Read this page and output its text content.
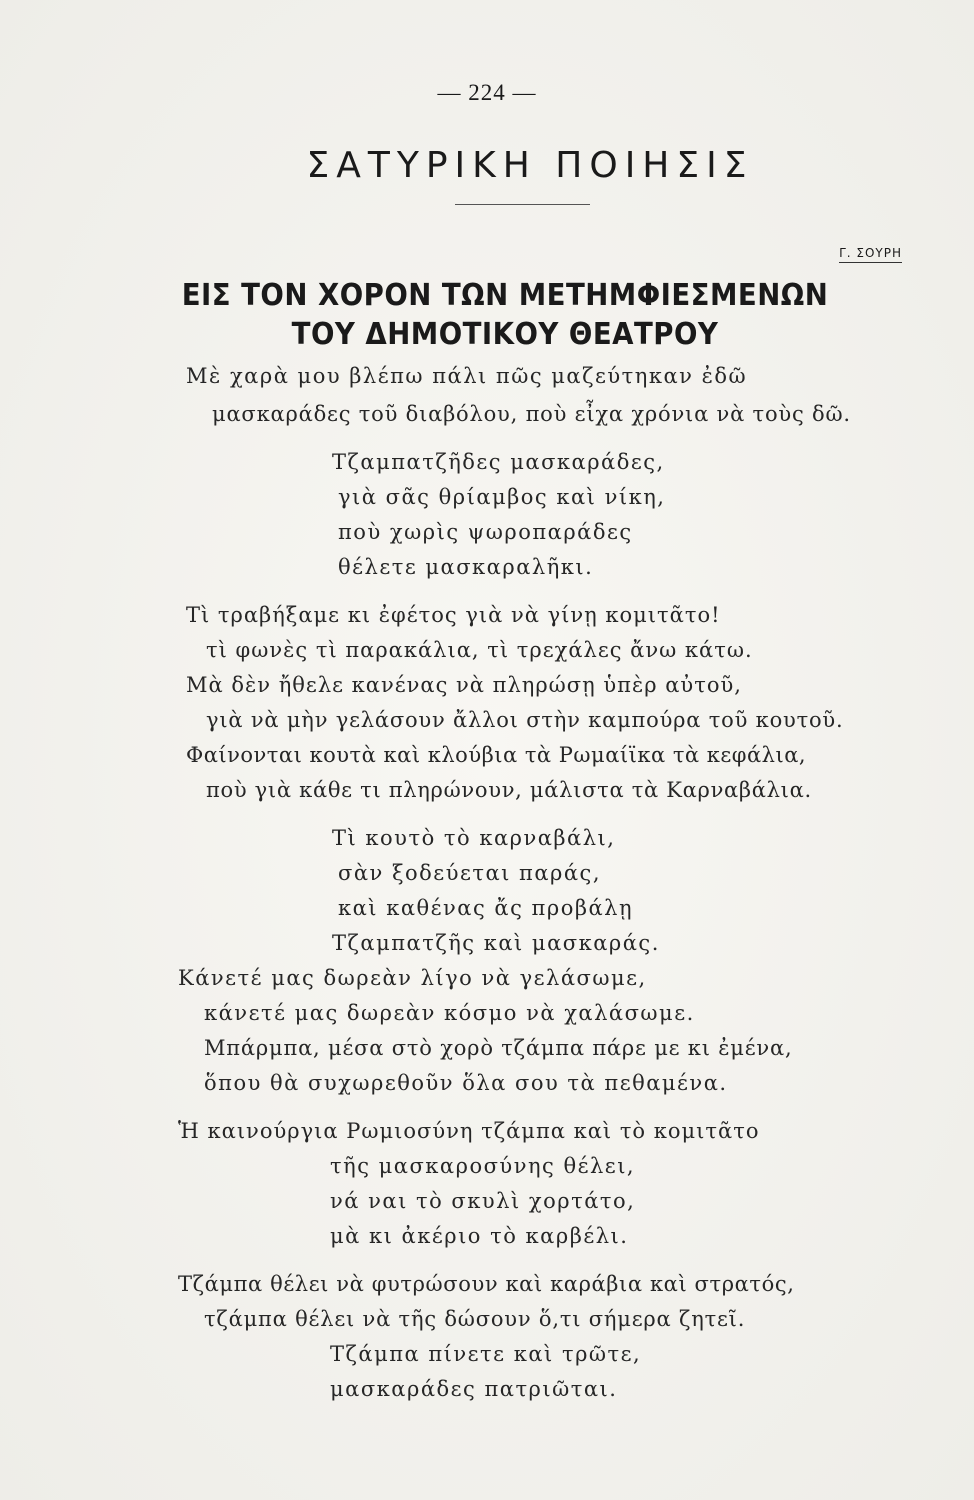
— 224 —
ΣΑΤΥΡΙΚΗ ΠΟΙΗΣΙΣ
Γ. ΣΟΥΡΗ
ΕΙΣ ΤΟΝ ΧΟΡΟΝ ΤΩΝ ΜΕΤΗΜΦΙΕΣΜΕΝΩΝ
ΤΟΥ ΔΗΜΟΤΙΚΟΥ ΘΕΑΤΡΟΥ
Μὲ χαρὰ μου βλέπω πάλι πῶς μαζεύτηκαν ἐδῶ
μασκαράδες τοῦ διαβόλου, ποὺ εἶχα χρόνια νὰ τοὺς δῶ.
Τζαμπατζῆδες μασκαράδες,
γιὰ σᾶς θρίαμβος καὶ νίκη,
ποὺ χωρὶς ψωροπαράδες
θέλετε μασκαραλῆκι.
Τὶ τραβήξαμε κι ἐφέτος γιὰ νὰ γίνῃ κομιτᾶτο!
τὶ φωνὲς τὶ παρακάλια, τὶ τρεχάλες ἄνω κάτω.
Μὰ δὲν ἤθελε κανένας νὰ πληρώσῃ ὑπὲρ αὐτοῦ,
γιὰ νὰ μὴν γελάσουν ἄλλοι στὴν καμπούρα τοῦ κουτοῦ.
Φαίνονται κουτὰ καὶ κλούβια τὰ Ρωμαίϊκα τὰ κεφάλια,
ποὺ γιὰ κάθε τι πληρώνουν, μάλιστα τὰ Καρναβάλια.
Τὶ κουτὸ τὸ καρναβάλι,
σὰν ξοδεύεται παράς,
καὶ καθένας ἄς προβάλῃ
Τζαμπατζῆς καὶ μασκαράς.
Κάνετέ μας δωρεὰν λίγο νὰ γελάσωμε,
κάνετέ μας δωρεὰν κόσμο νὰ χαλάσωμε.
Μπάρμπα, μέσα στὸ χορὸ τζάμπα πάρε με κι ἐμένα,
ὅπου θὰ συχωρεθοῦν ὅλα σου τὰ πεθαμένα.
Ἡ καινούργια Ρωμιοσύνη τζάμπα καὶ τὸ κομιτᾶτο
τῆς μασκαροσύνης θέλει,
νά ναι τὸ σκυλὶ χορτάτο,
μὰ κι ἀκέριο τὸ καρβέλι.
Τζάμπα θέλει νὰ φυτρώσουν καὶ καράβια καὶ στρατός,
τζάμπα θέλει νὰ τῆς δώσουν ὅ,τι σήμερα ζητεῖ.
Τζάμπα πίνετε καὶ τρῶτε,
μασκαράδες πατριῶται.
